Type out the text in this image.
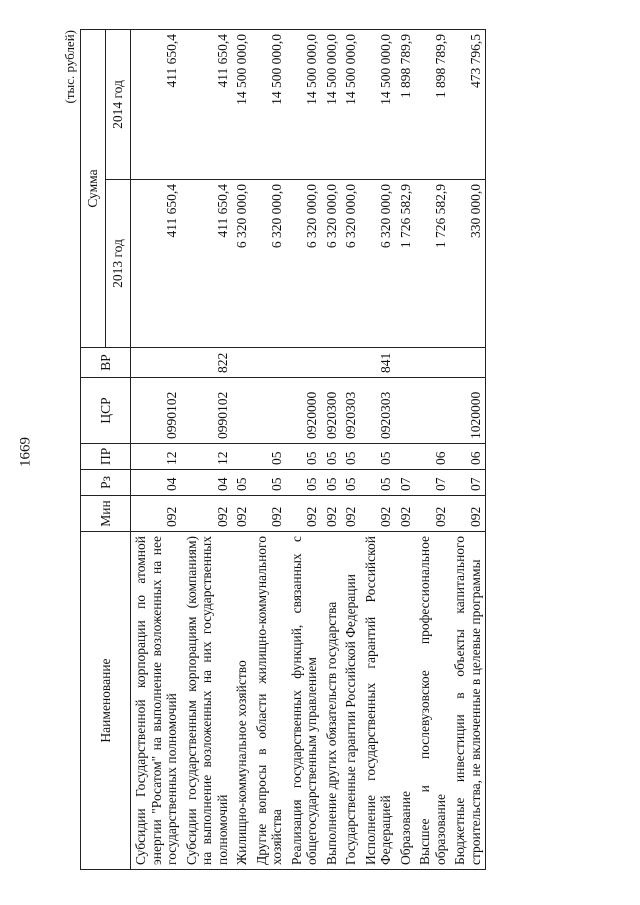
1669
(тыс. рублей)
Наименование	Мин	Рз	ПР	ЦСР	ВР	Сумма	
						2013 год	2014 год
Субсидии Государственной корпорации по атомной энергии "Росатом" на выполнение возложенных на нее государственных полномочий	092	04	12	0990102		411 650,4	411 650,4
Субсидии государственным корпорациям (компаниям) на выполнение возложенных на них государственных полномочий	092	04	12	0990102	822	411 650,4	411 650,4
Жилищно-коммунальное хозяйство	092	05				6 320 000,0	14 500 000,0
Другие вопросы в области жилищно-коммунального хозяйства	092	05	05			6 320 000,0	14 500 000,0
Реализация государственных функций, связанных с общегосударственным управлением	092	05	05	0920000		6 320 000,0	14 500 000,0
Выполнение других обязательств государства	092	05	05	0920300		6 320 000,0	14 500 000,0
Государственные гарантии Российской Федерации	092	05	05	0920303		6 320 000,0	14 500 000,0
Исполнение государственных гарантий Российской Федерацией	092	05	05	0920303	841	6 320 000,0	14 500 000,0
Образование	092	07				1 726 582,9	1 898 789,9
Высшее и послевузовское профессиональное образование	092	07	06			1 726 582,9	1 898 789,9
Бюджетные инвестиции в объекты капитального строительства, не включенные в целевые программы	092	07	06	1020000		330 000,0	473 796,5
